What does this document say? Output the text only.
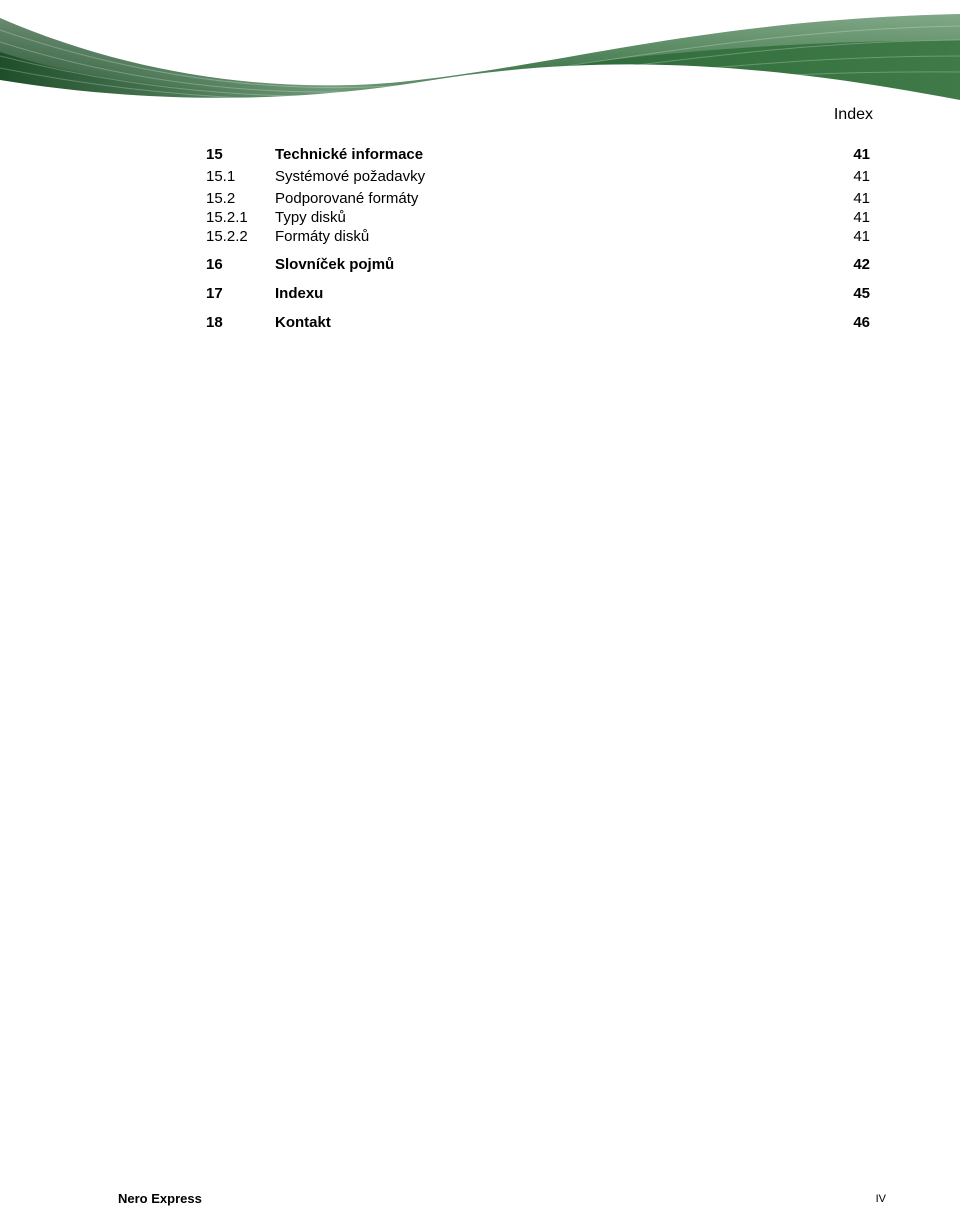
Index
15	Technické informace	41
15.1	Systémové požadavky	41
15.2	Podporované formáty	41
15.2.1 Typy disků	41
15.2.2 Formáty disků	41
16	Slovníček pojmů	42
17	Indexu	45
18	Kontakt	46
Nero Express	IV
